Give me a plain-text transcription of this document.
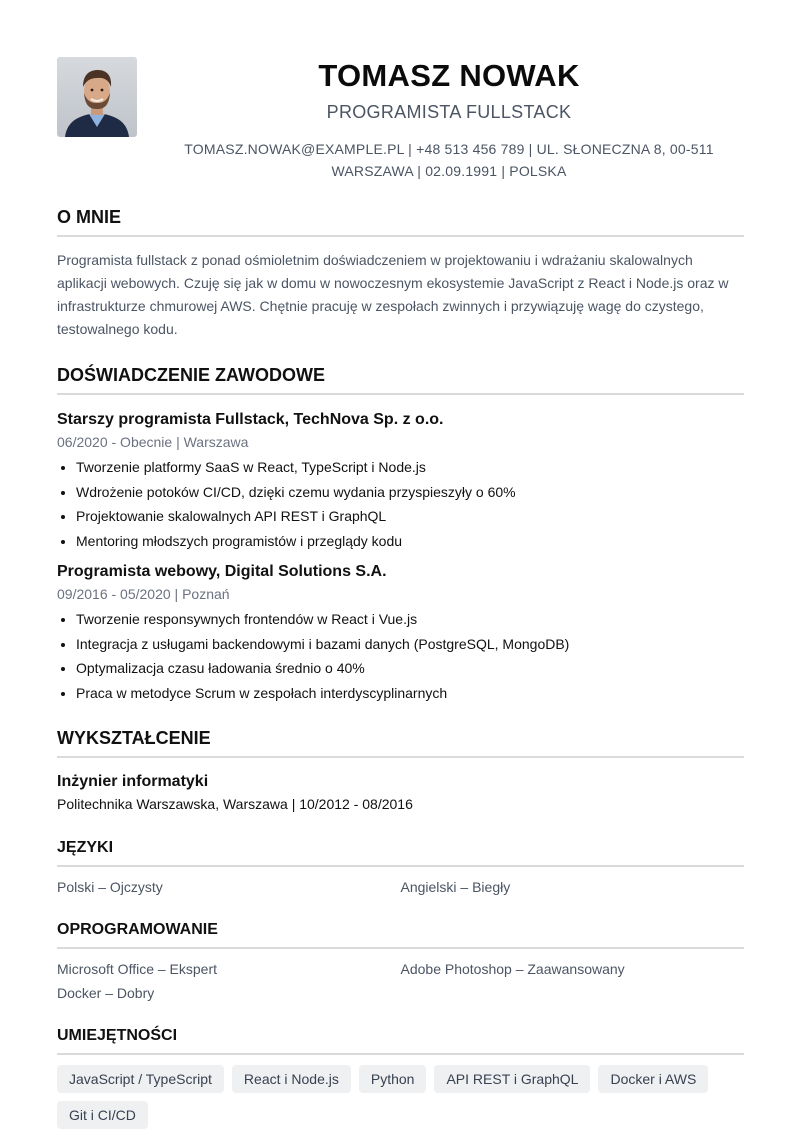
TOMASZ NOWAK
PROGRAMISTA FULLSTACK
TOMASZ.NOWAK@EXAMPLE.PL | +48 513 456 789 | UL. SŁONECZNA 8, 00-511 WARSZAWA | 02.09.1991 | POLSKA
O MNIE

Programista fullstack z ponad ośmioletnim doświadczeniem w projektowaniu i wdrażaniu skalowalnych aplikacji webowych. Czuję się jak w domu w nowoczesnym ekosystemie JavaScript z React i Node.js oraz w infrastrukturze chmurowej AWS. Chętnie pracuję w zespołach zwinnych i przywiązuję wagę do czystego, testowalnego kodu.

DOŚWIADCZENIE ZAWODOWE
Starszy programista Fullstack, TechNova Sp. z o.o.
06/2020 - Obecnie | Warszawa
• Tworzenie platformy SaaS w React, TypeScript i Node.js
• Wdrożenie potoków CI/CD, dzięki czemu wydania przyspieszyły o 60%
• Projektowanie skalowalnych API REST i GraphQL
• Mentoring młodszych programistów i przeglądy kodu
Programista webowy, Digital Solutions S.A.
09/2016 - 05/2020 | Poznań
• Tworzenie responsywnych frontendów w React i Vue.js
• Integracja z usługami backendowymi i bazami danych (PostgreSQL, MongoDB)
• Optymalizacja czasu ładowania średnio o 40%
• Praca w metodyce Scrum w zespołach interdyscyplinarnych
WYKSZTAŁCENIE
Inżynier informatyki
Politechnika Warszawska, Warszawa | 10/2012 - 08/2016
JĘZYKI
Polski – Ojczysty	Angielski – Biegły
OPROGRAMOWANIE
Microsoft Office – Ekspert	Adobe Photoshop – Zaawansowany
Docker – Dobry
UMIEJĘTNOŚCI
JavaScript / TypeScript	React i Node.js	Python	API REST i GraphQL	Docker i AWS
Git i CI/CD
